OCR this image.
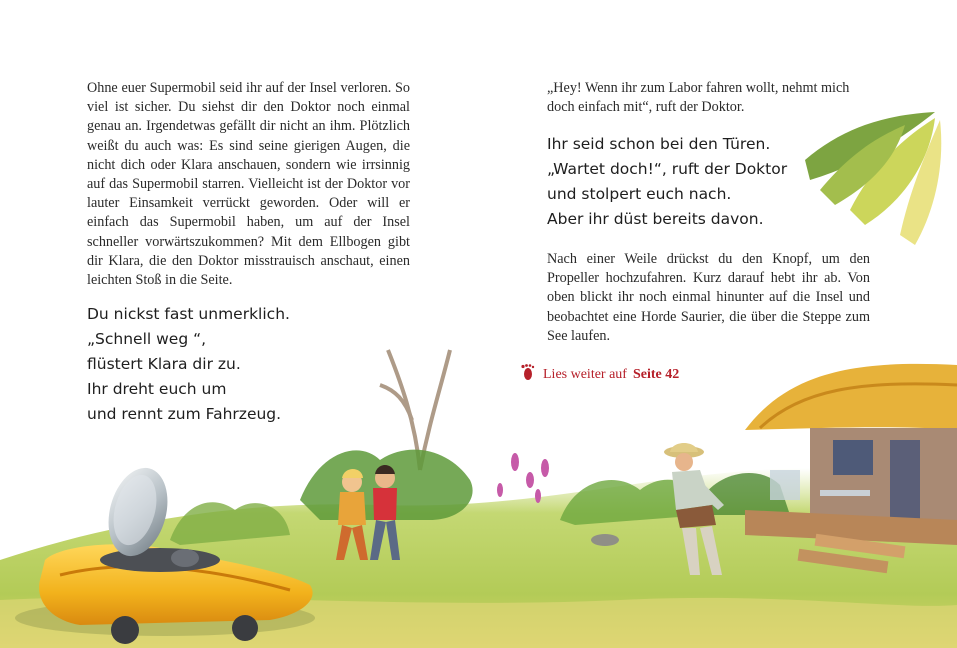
Ohne euer Supermobil seid ihr auf der Insel verloren. So viel ist sicher. Du siehst dir den Doktor noch einmal genau an. Irgendetwas gefällt dir nicht an ihm. Plötzlich weißt du auch was: Es sind seine gierigen Augen, die nicht dich oder Klara anschauen, sondern wie irrsinnig auf das Supermobil starren. Vielleicht ist der Doktor vor lauter Einsamkeit verrückt geworden. Oder will er einfach das Supermobil haben, um auf der Insel schneller vorwärtszukommen? Mit dem Ellbogen gibt dir Klara, die den Doktor misstrauisch anschaut, einen leichten Stoß in die Seite.

Du nickst fast unmerklich.
„Schnell weg “,
flüstert Klara dir zu.
Ihr dreht euch um
und rennt zum Fahrzeug.

„Hey! Wenn ihr zum Labor fahren wollt, nehmt mich doch einfach mit“, ruft der Doktor.

Ihr seid schon bei den Türen.
„Wartet doch!“, ruft der Doktor
und stolpert euch nach.
Aber ihr düst bereits davon.

Nach einer Weile drückst du den Knopf, um den Propeller hochzufahren. Kurz darauf hebt ihr ab. Von oben blickt ihr noch einmal hinunter auf die Insel und beobachtet eine Horde Saurier, die über die Steppe zum See laufen.

Lies weiter auf Seite 42
